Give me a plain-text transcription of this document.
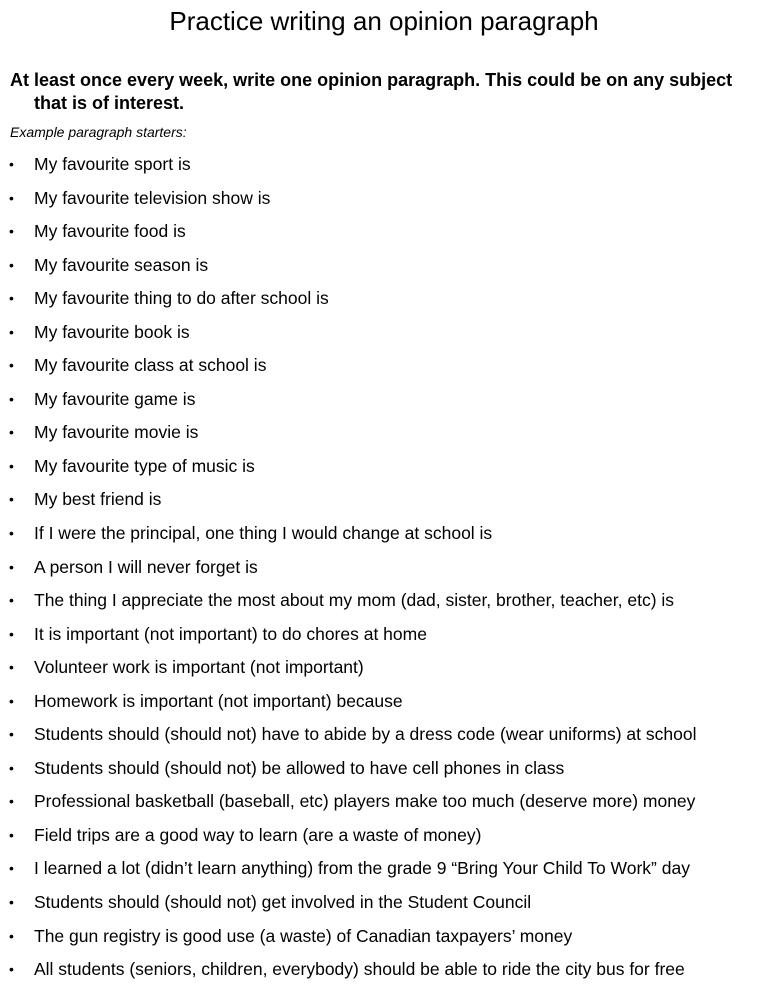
Practice writing an opinion paragraph

At least once every week, write one opinion paragraph. This could be on any subject that is of interest.

Example paragraph starters:

• My favourite sport is
• My favourite television show is
• My favourite food is
• My favourite season is
• My favourite thing to do after school is
• My favourite book is
• My favourite class at school is
• My favourite game is
• My favourite movie is
• My favourite type of music is
• My best friend is
• If I were the principal, one thing I would change at school is
• A person I will never forget is
• The thing I appreciate the most about my mom (dad, sister, brother, teacher, etc) is
• It is important (not important) to do chores at home
• Volunteer work is important (not important)
• Homework is important (not important) because
• Students should (should not) have to abide by a dress code (wear uniforms) at school
• Students should (should not) be allowed to have cell phones in class
• Professional basketball (baseball, etc) players make too much (deserve more) money
• Field trips are a good way to learn (are a waste of money)
• I learned a lot (didn’t learn anything) from the grade 9 “Bring Your Child To Work” day
• Students should (should not) get involved in the Student Council
• The gun registry is good use (a waste) of Canadian taxpayers’ money
• All students (seniors, children, everybody) should be able to ride the city bus for free
